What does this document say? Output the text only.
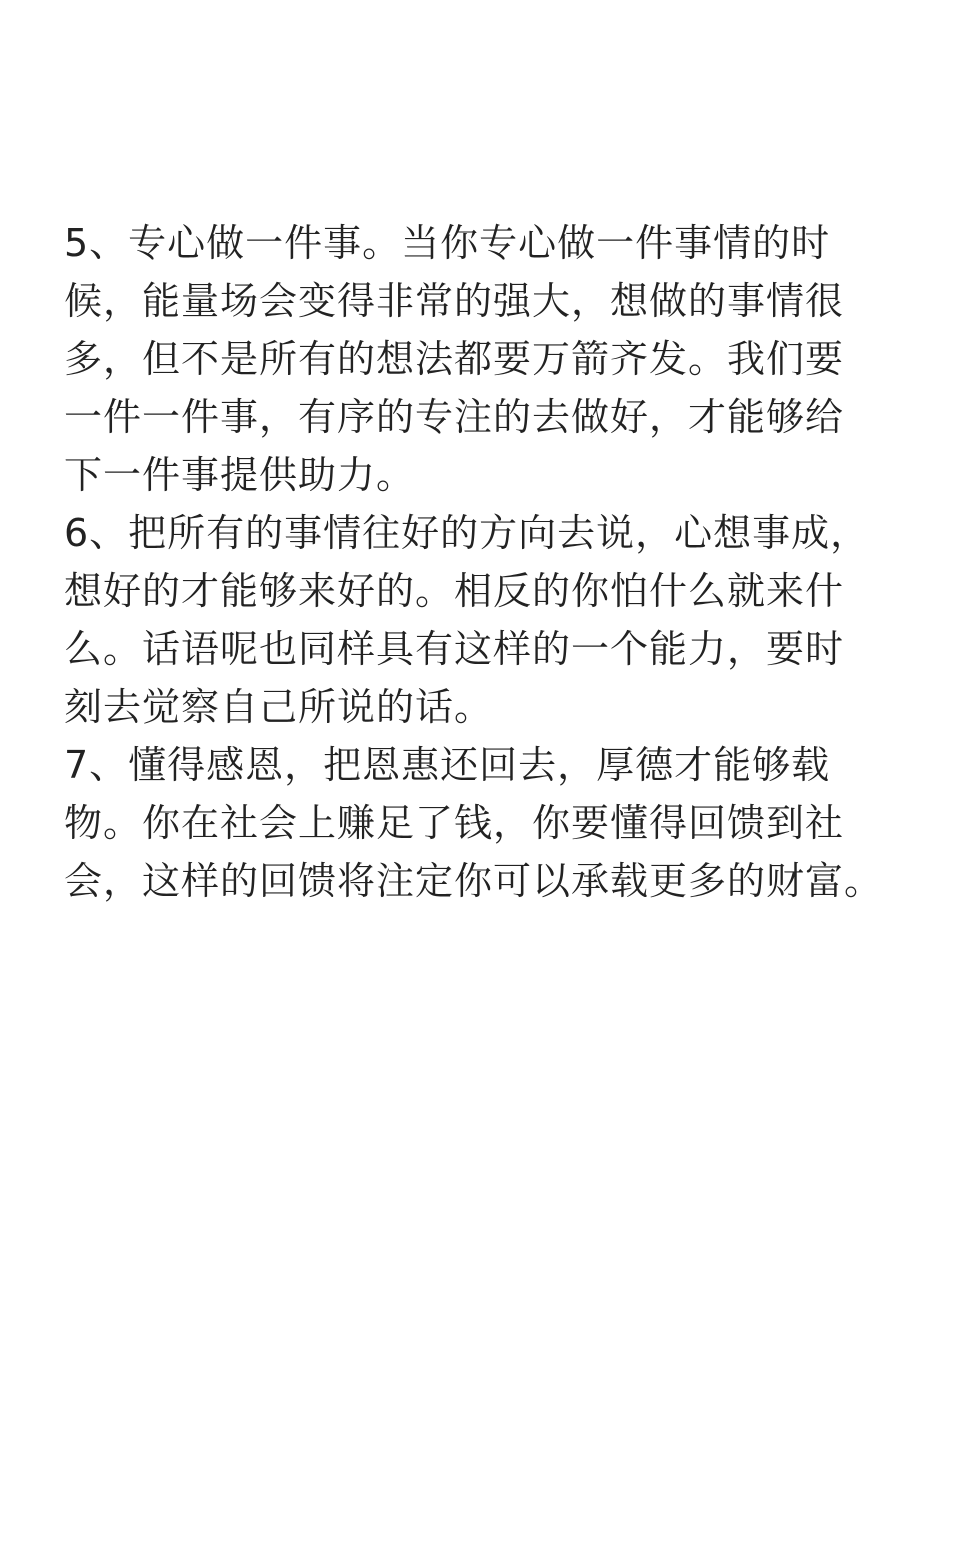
5、专心做一件事。当你专心做一件事情的时
候，能量场会变得非常的强大，想做的事情很
多，但不是所有的想法都要万箭齐发。我们要
一件一件事，有序的专注的去做好，才能够给
下一件事提供助力。
6、把所有的事情往好的方向去说，心想事成，
想好的才能够来好的。相反的你怕什么就来什
么。话语呢也同样具有这样的一个能力，要时
刻去觉察自己所说的话。
7、懂得感恩，把恩惠还回去，厚德才能够载
物。你在社会上赚足了钱，你要懂得回馈到社
会，这样的回馈将注定你可以承载更多的财富。
